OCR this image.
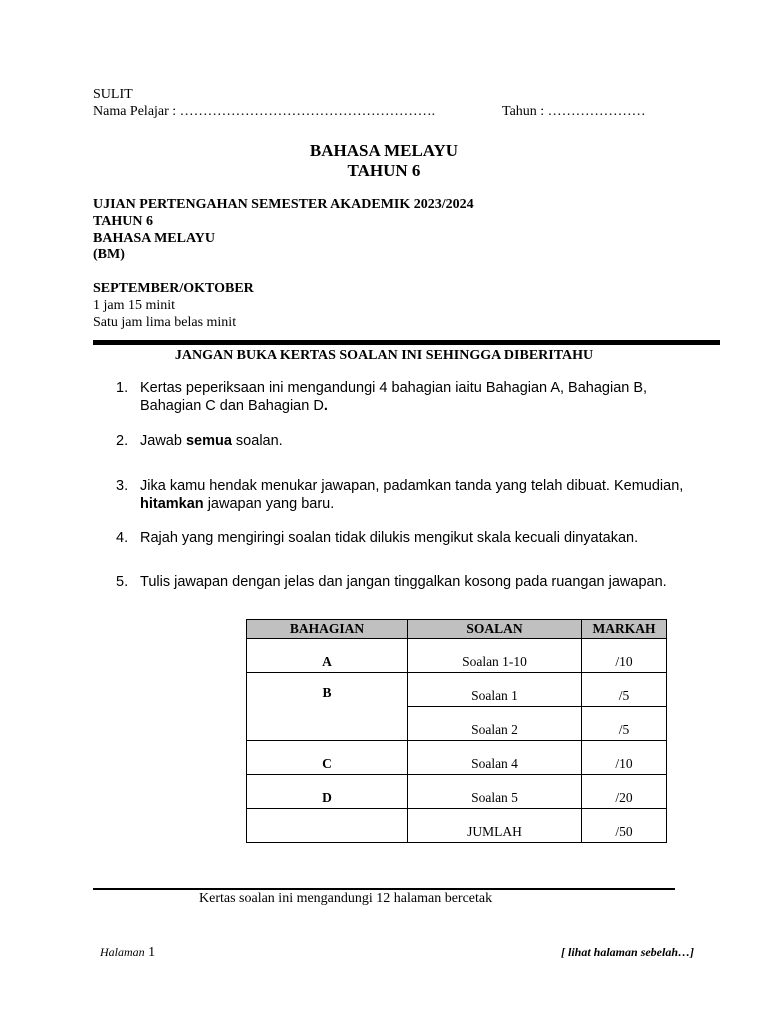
SULIT
Nama Pelajar : ……………………………………………….	Tahun : …………………
BAHASA MELAYU
TAHUN 6
UJIAN PERTENGAHAN SEMESTER AKADEMIK 2023/2024
TAHUN 6
BAHASA MELAYU
(BM)
SEPTEMBER/OKTOBER
1 jam 15 minit
Satu jam lima belas minit
JANGAN BUKA KERTAS SOALAN INI SEHINGGA DIBERITAHU
1. Kertas peperiksaan ini mengandungi 4 bahagian iaitu Bahagian A, Bahagian B, Bahagian C dan Bahagian D.
2. Jawab semua soalan.
3. Jika kamu hendak menukar jawapan, padamkan tanda yang telah dibuat. Kemudian, hitamkan jawapan yang baru.
4. Rajah yang mengiringi soalan tidak dilukis mengikut skala kecuali dinyatakan.
5. Tulis jawapan dengan jelas dan jangan tinggalkan kosong pada ruangan jawapan.
BAHAGIAN	SOALAN	MARKAH
A	Soalan 1-10	/10
B	Soalan 1	/5
	Soalan 2	/5
C	Soalan 4	/10
D	Soalan 5	/20
	JUMLAH	/50
Kertas soalan ini mengandungi 12 halaman bercetak
Halaman 1	[ lihat halaman sebelah…]
